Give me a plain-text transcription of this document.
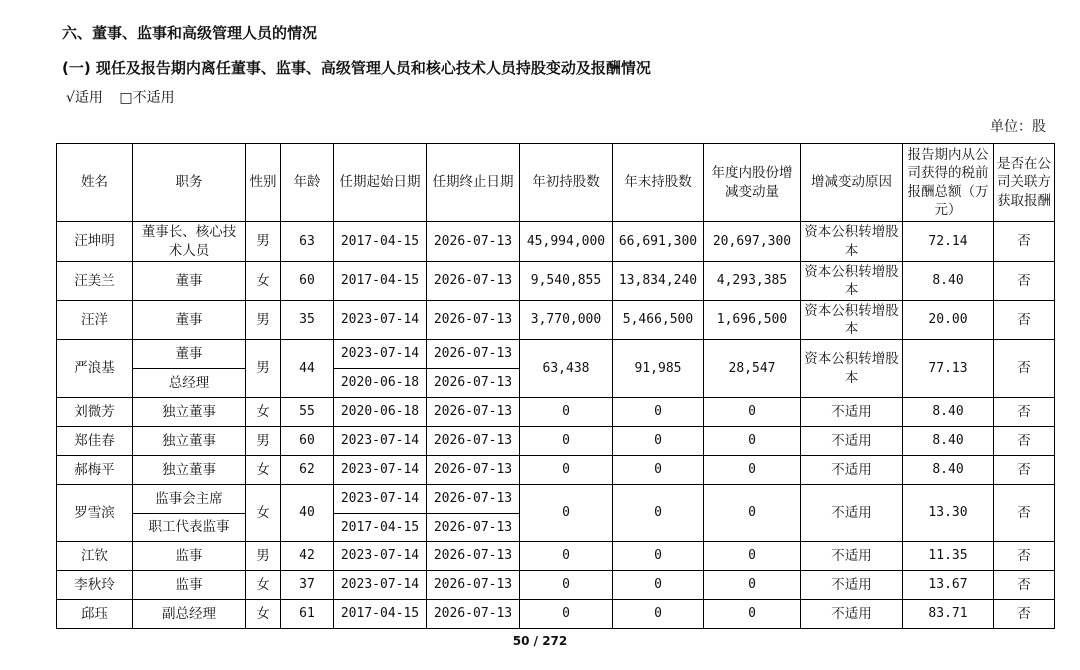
六、董事、监事和高级管理人员的情况
(一) 现任及报告期内离任董事、监事、高级管理人员和核心技术人员持股变动及报酬情况
√适用 □不适用
单位：股
姓名	职务	性别	年龄	任期起始日期	任期终止日期	年初持股数	年末持股数	年度内股份增减变动量	增减变动原因	报告期内从公司获得的税前报酬总额（万元）	是否在公司关联方获取报酬
汪坤明	董事长、核心技术人员	男	63	2017-04-15	2026-07-13	45,994,000	66,691,300	20,697,300	资本公积转增股本	72.14	否
汪美兰	董事	女	60	2017-04-15	2026-07-13	9,540,855	13,834,240	4,293,385	资本公积转增股本	8.40	否
汪洋	董事	男	35	2023-07-14	2026-07-13	3,770,000	5,466,500	1,696,500	资本公积转增股本	20.00	否
严浪基	董事	男	44	2023-07-14	2026-07-13	63,438	91,985	28,547	资本公积转增股本	77.13	否
	总经理			2020-06-18	2026-07-13						
刘微芳	独立董事	女	55	2020-06-18	2026-07-13	0	0	0	不适用	8.40	否
郑佳春	独立董事	男	60	2023-07-14	2026-07-13	0	0	0	不适用	8.40	否
郝梅平	独立董事	女	62	2023-07-14	2026-07-13	0	0	0	不适用	8.40	否
罗雪滨	监事会主席	女	40	2023-07-14	2026-07-13	0	0	0	不适用	13.30	否
	职工代表监事			2017-04-15	2026-07-13						
江钦	监事	男	42	2023-07-14	2026-07-13	0	0	0	不适用	11.35	否
李秋玲	监事	女	37	2023-07-14	2026-07-13	0	0	0	不适用	13.67	否
邱珏	副总经理	女	61	2017-04-15	2026-07-13	0	0	0	不适用	83.71	否
50 / 272
